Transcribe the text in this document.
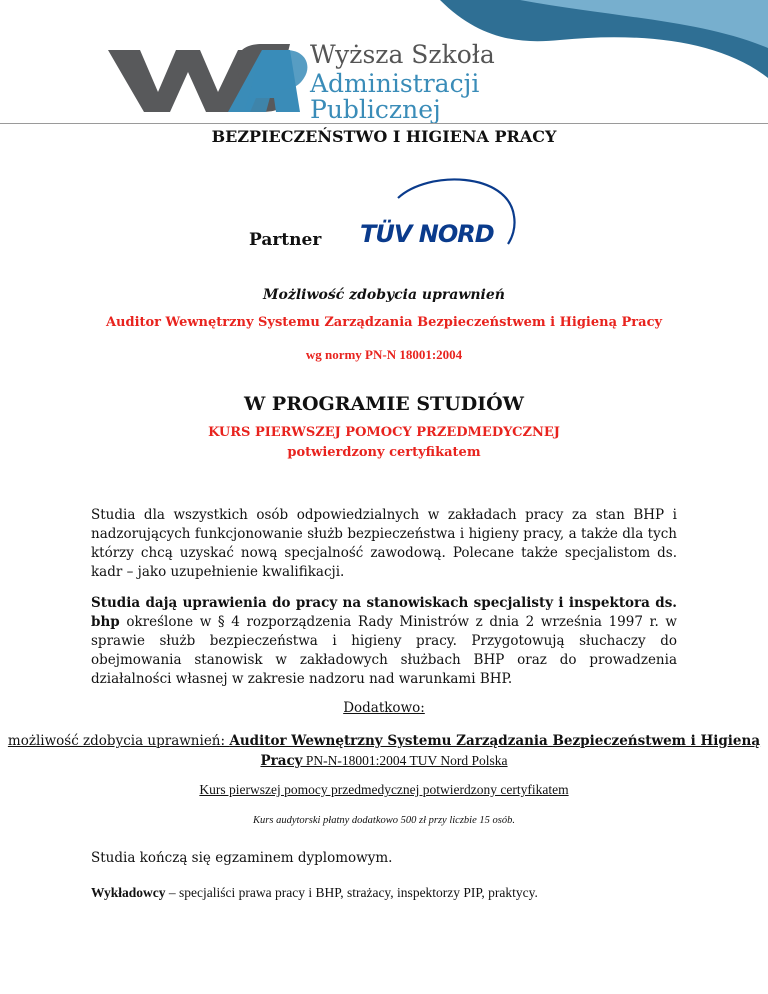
Wyższa Szkoła
Administracji
Publicznej
BEZPIECZEŃSTWO I HIGIENA PRACY
Partner TÜV NORD
Możliwość zdobycia uprawnień
Auditor Wewnętrzny Systemu Zarządzania Bezpieczeństwem i Higieną Pracy
wg normy PN-N 18001:2004
W PROGRAMIE STUDIÓW
KURS PIERWSZEJ POMOCY PRZEDMEDYCZNEJ
potwierdzony certyfikatem

Studia dla wszystkich osób odpowiedzialnych w zakładach pracy za stan BHP i nadzorujących funkcjonowanie służb bezpieczeństwa i higieny pracy, a także dla tych którzy chcą uzyskać nową specjalność zawodową. Polecane także specjalistom ds. kadr – jako uzupełnienie kwalifikacji.

Studia dają uprawienia do pracy na stanowiskach specjalisty i inspektora ds. bhp określone w § 4 rozporządzenia Rady Ministrów z dnia 2 września 1997 r. w sprawie służb bezpieczeństwa i higieny pracy. Przygotowują słuchaczy do obejmowania stanowisk w zakładowych służbach BHP oraz do prowadzenia działalności własnej w zakresie nadzoru nad warunkami BHP.

Dodatkowo:
możliwość zdobycia uprawnień: Auditor Wewnętrzny Systemu Zarządzania Bezpieczeństwem i Higieną Pracy PN-N-18001:2004 TUV Nord Polska
Kurs pierwszej pomocy przedmedycznej potwierdzony certyfikatem
Kurs audytorski płatny dodatkowo 500 zł przy liczbie 15 osób.
Studia kończą się egzaminem dyplomowym.
Wykładowcy – specjaliści prawa pracy i BHP, strażacy, inspektorzy PIP, praktycy.
